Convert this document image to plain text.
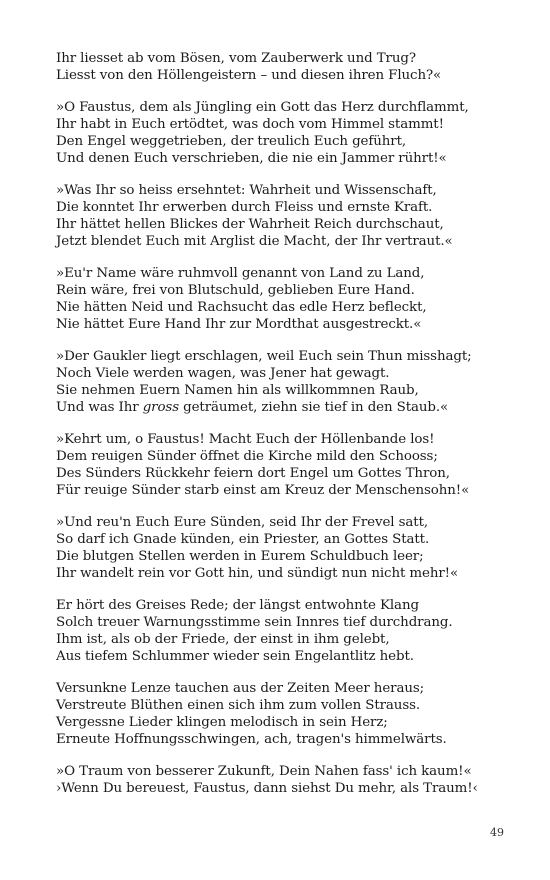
Ihr liesset ab vom Bösen, vom Zauberwerk und Trug?
Liesst von den Höllengeistern – und diesen ihren Fluch?«
»O Faustus, dem als Jüngling ein Gott das Herz durchflammt,
Ihr habt in Euch ertödtet, was doch vom Himmel stammt!
Den Engel weggetrieben, der treulich Euch geführt,
Und denen Euch verschrieben, die nie ein Jammer rührt!«
»Was Ihr so heiss ersehntet: Wahrheit und Wissenschaft,
Die konntet Ihr erwerben durch Fleiss und ernste Kraft.
Ihr hättet hellen Blickes der Wahrheit Reich durchschaut,
Jetzt blendet Euch mit Arglist die Macht, der Ihr vertraut.«
»Eu'r Name wäre ruhmvoll genannt von Land zu Land,
Rein wäre, frei von Blutschuld, geblieben Eure Hand.
Nie hätten Neid und Rachsucht das edle Herz befleckt,
Nie hättet Eure Hand Ihr zur Mordthat ausgestreckt.«
»Der Gaukler liegt erschlagen, weil Euch sein Thun misshagt;
Noch Viele werden wagen, was Jener hat gewagt.
Sie nehmen Euern Namen hin als willkommnen Raub,
Und was Ihr gross geträumet, ziehn sie tief in den Staub.«
»Kehrt um, o Faustus! Macht Euch der Höllenbande los!
Dem reuigen Sünder öffnet die Kirche mild den Schooss;
Des Sünders Rückkehr feiern dort Engel um Gottes Thron,
Für reuige Sünder starb einst am Kreuz der Menschensohn!«
»Und reu'n Euch Eure Sünden, seid Ihr der Frevel satt,
So darf ich Gnade künden, ein Priester, an Gottes Statt.
Die blutgen Stellen werden in Eurem Schuldbuch leer;
Ihr wandelt rein vor Gott hin, und sündigt nun nicht mehr!«
Er hört des Greises Rede; der längst entwohnte Klang
Solch treuer Warnungsstimme sein Innres tief durchdrang.
Ihm ist, als ob der Friede, der einst in ihm gelebt,
Aus tiefem Schlummer wieder sein Engelantlitz hebt.
Versunkne Lenze tauchen aus der Zeiten Meer heraus;
Verstreute Blüthen einen sich ihm zum vollen Strauss.
Vergessne Lieder klingen melodisch in sein Herz;
Erneute Hoffnungsschwingen, ach, tragen's himmelwärts.
»O Traum von besserer Zukunft, Dein Nahen fass' ich kaum!«
›Wenn Du bereuest, Faustus, dann siehst Du mehr, als Traum!‹
49
